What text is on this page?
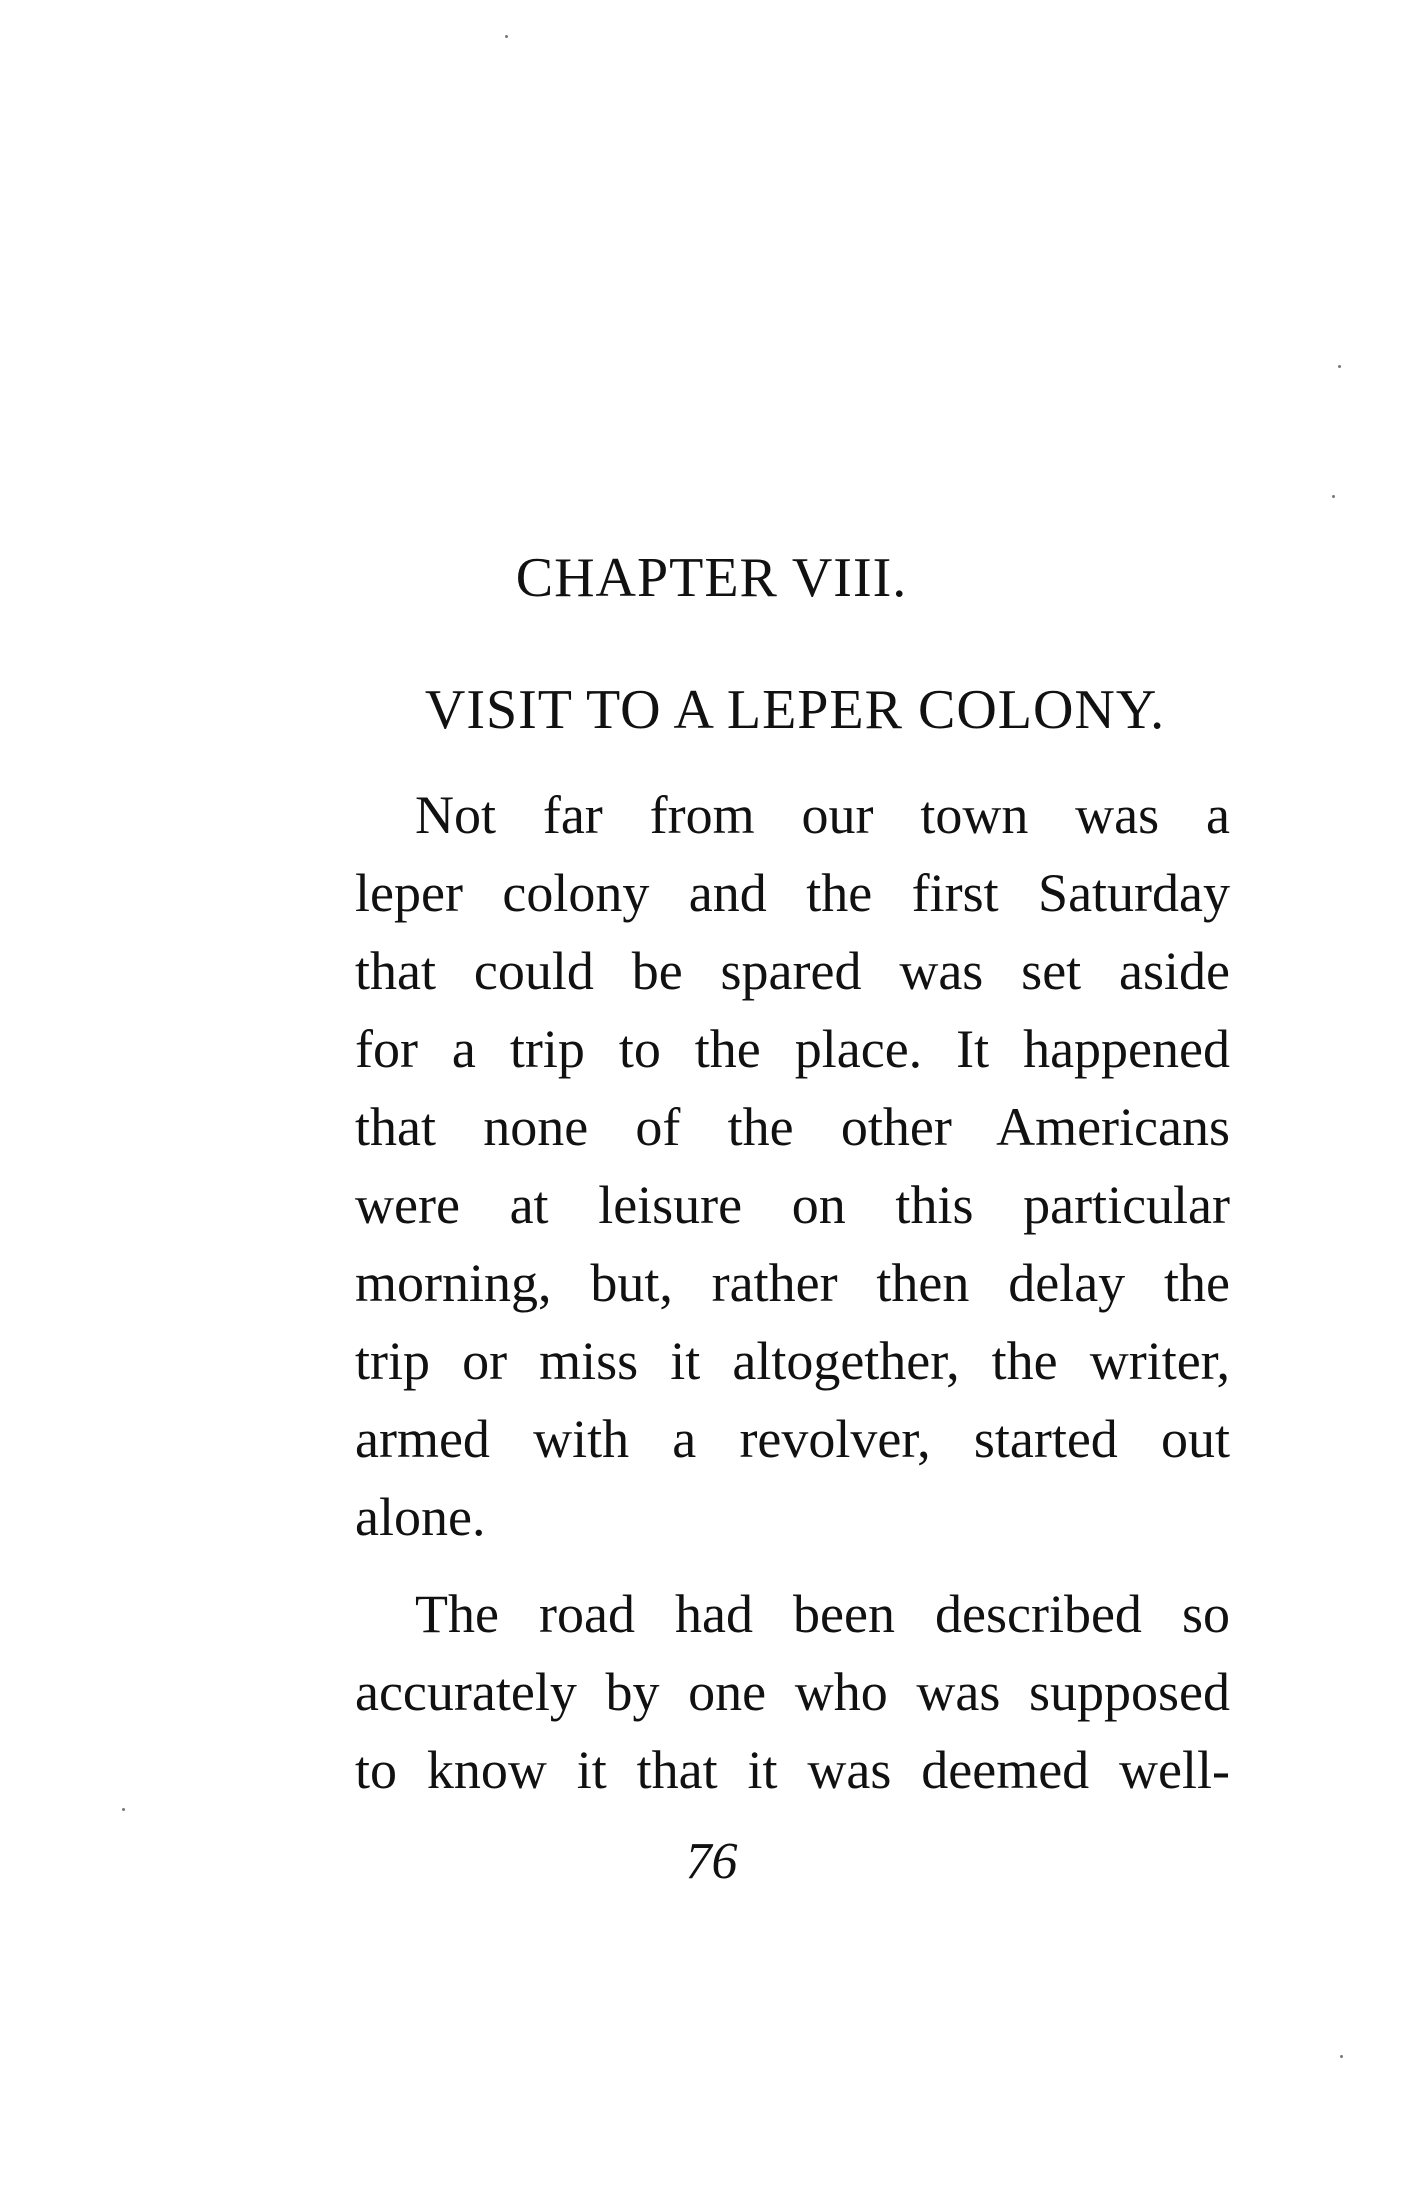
CHAPTER VIII.
VISIT TO A LEPER COLONY.
Not far from our town was a
leper colony and the first Saturday
that could be spared was set aside
for a trip to the place. It happened
that none of the other Americans
were at leisure on this particular
morning, but, rather then delay the
trip or miss it altogether, the writer,
armed with a revolver, started out
alone.
The road had been described so
accurately by one who was supposed
to know it that it was deemed well-
76
